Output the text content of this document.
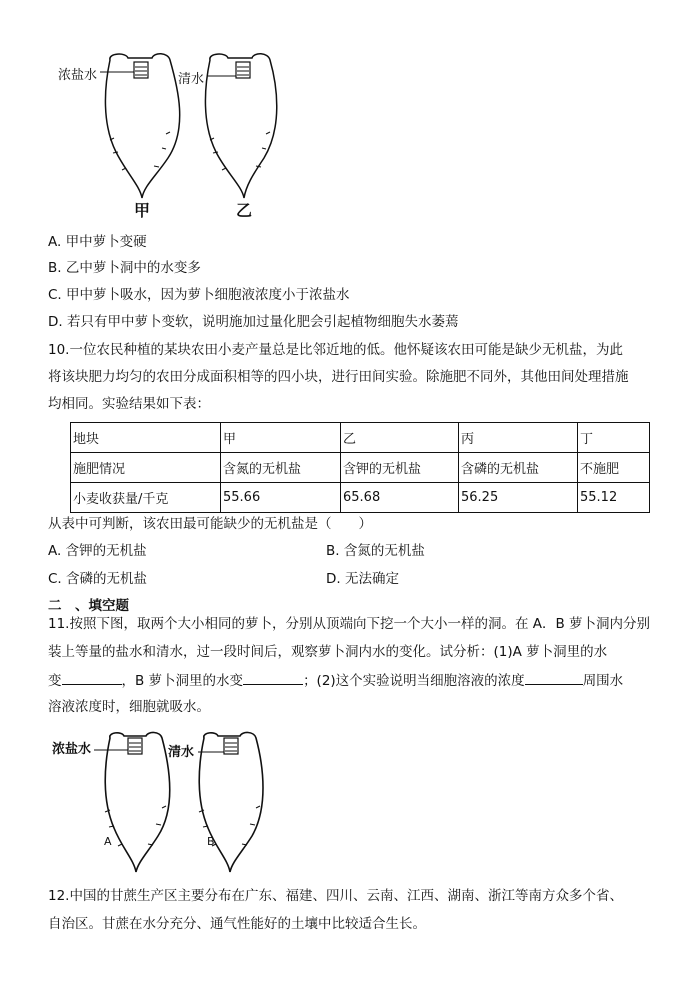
浓盐水	清水
甲	乙
A. 甲中萝卜变硬
B. 乙中萝卜洞中的水变多
C. 甲中萝卜吸水，因为萝卜细胞液浓度小于浓盐水
D. 若只有甲中萝卜变软，说明施加过量化肥会引起植物细胞失水萎蔫
10.一位农民种植的某块农田小麦产量总是比邻近地的低。他怀疑该农田可能是缺少无机盐，为此
将该块肥力均匀的农田分成面积相等的四小块，进行田间实验。除施肥不同外，其他田间处理措施
均相同。实验结果如下表：
地块	甲	乙	丙	丁
施肥情况	含氮的无机盐	含钾的无机盐	含磷的无机盐	不施肥
小麦收获量/千克	55.66	65.68	56.25	55.12
从表中可判断，该农田最可能缺少的无机盐是（　　）
A. 含钾的无机盐	B. 含氮的无机盐
C. 含磷的无机盐	D. 无法确定
二　、填空题
11.按照下图，取两个大小相同的萝卜，分别从顶端向下挖一个大小一样的洞。在 A．B 萝卜洞内分别
装上等量的盐水和清水，过一段时间后，观察萝卜洞内水的变化。试分析：(1)A 萝卜洞里的水
变	，B 萝卜洞里的水变	；(2)这个实验说明当细胞溶液的浓度	周围水
溶液浓度时，细胞就吸水。
浓盐水	清水
A	B
12.中国的甘蔗生产区主要分布在广东、福建、四川、云南、江西、湖南、浙江等南方众多个省、
自治区。甘蔗在水分充分、通气性能好的土壤中比较适合生长。
